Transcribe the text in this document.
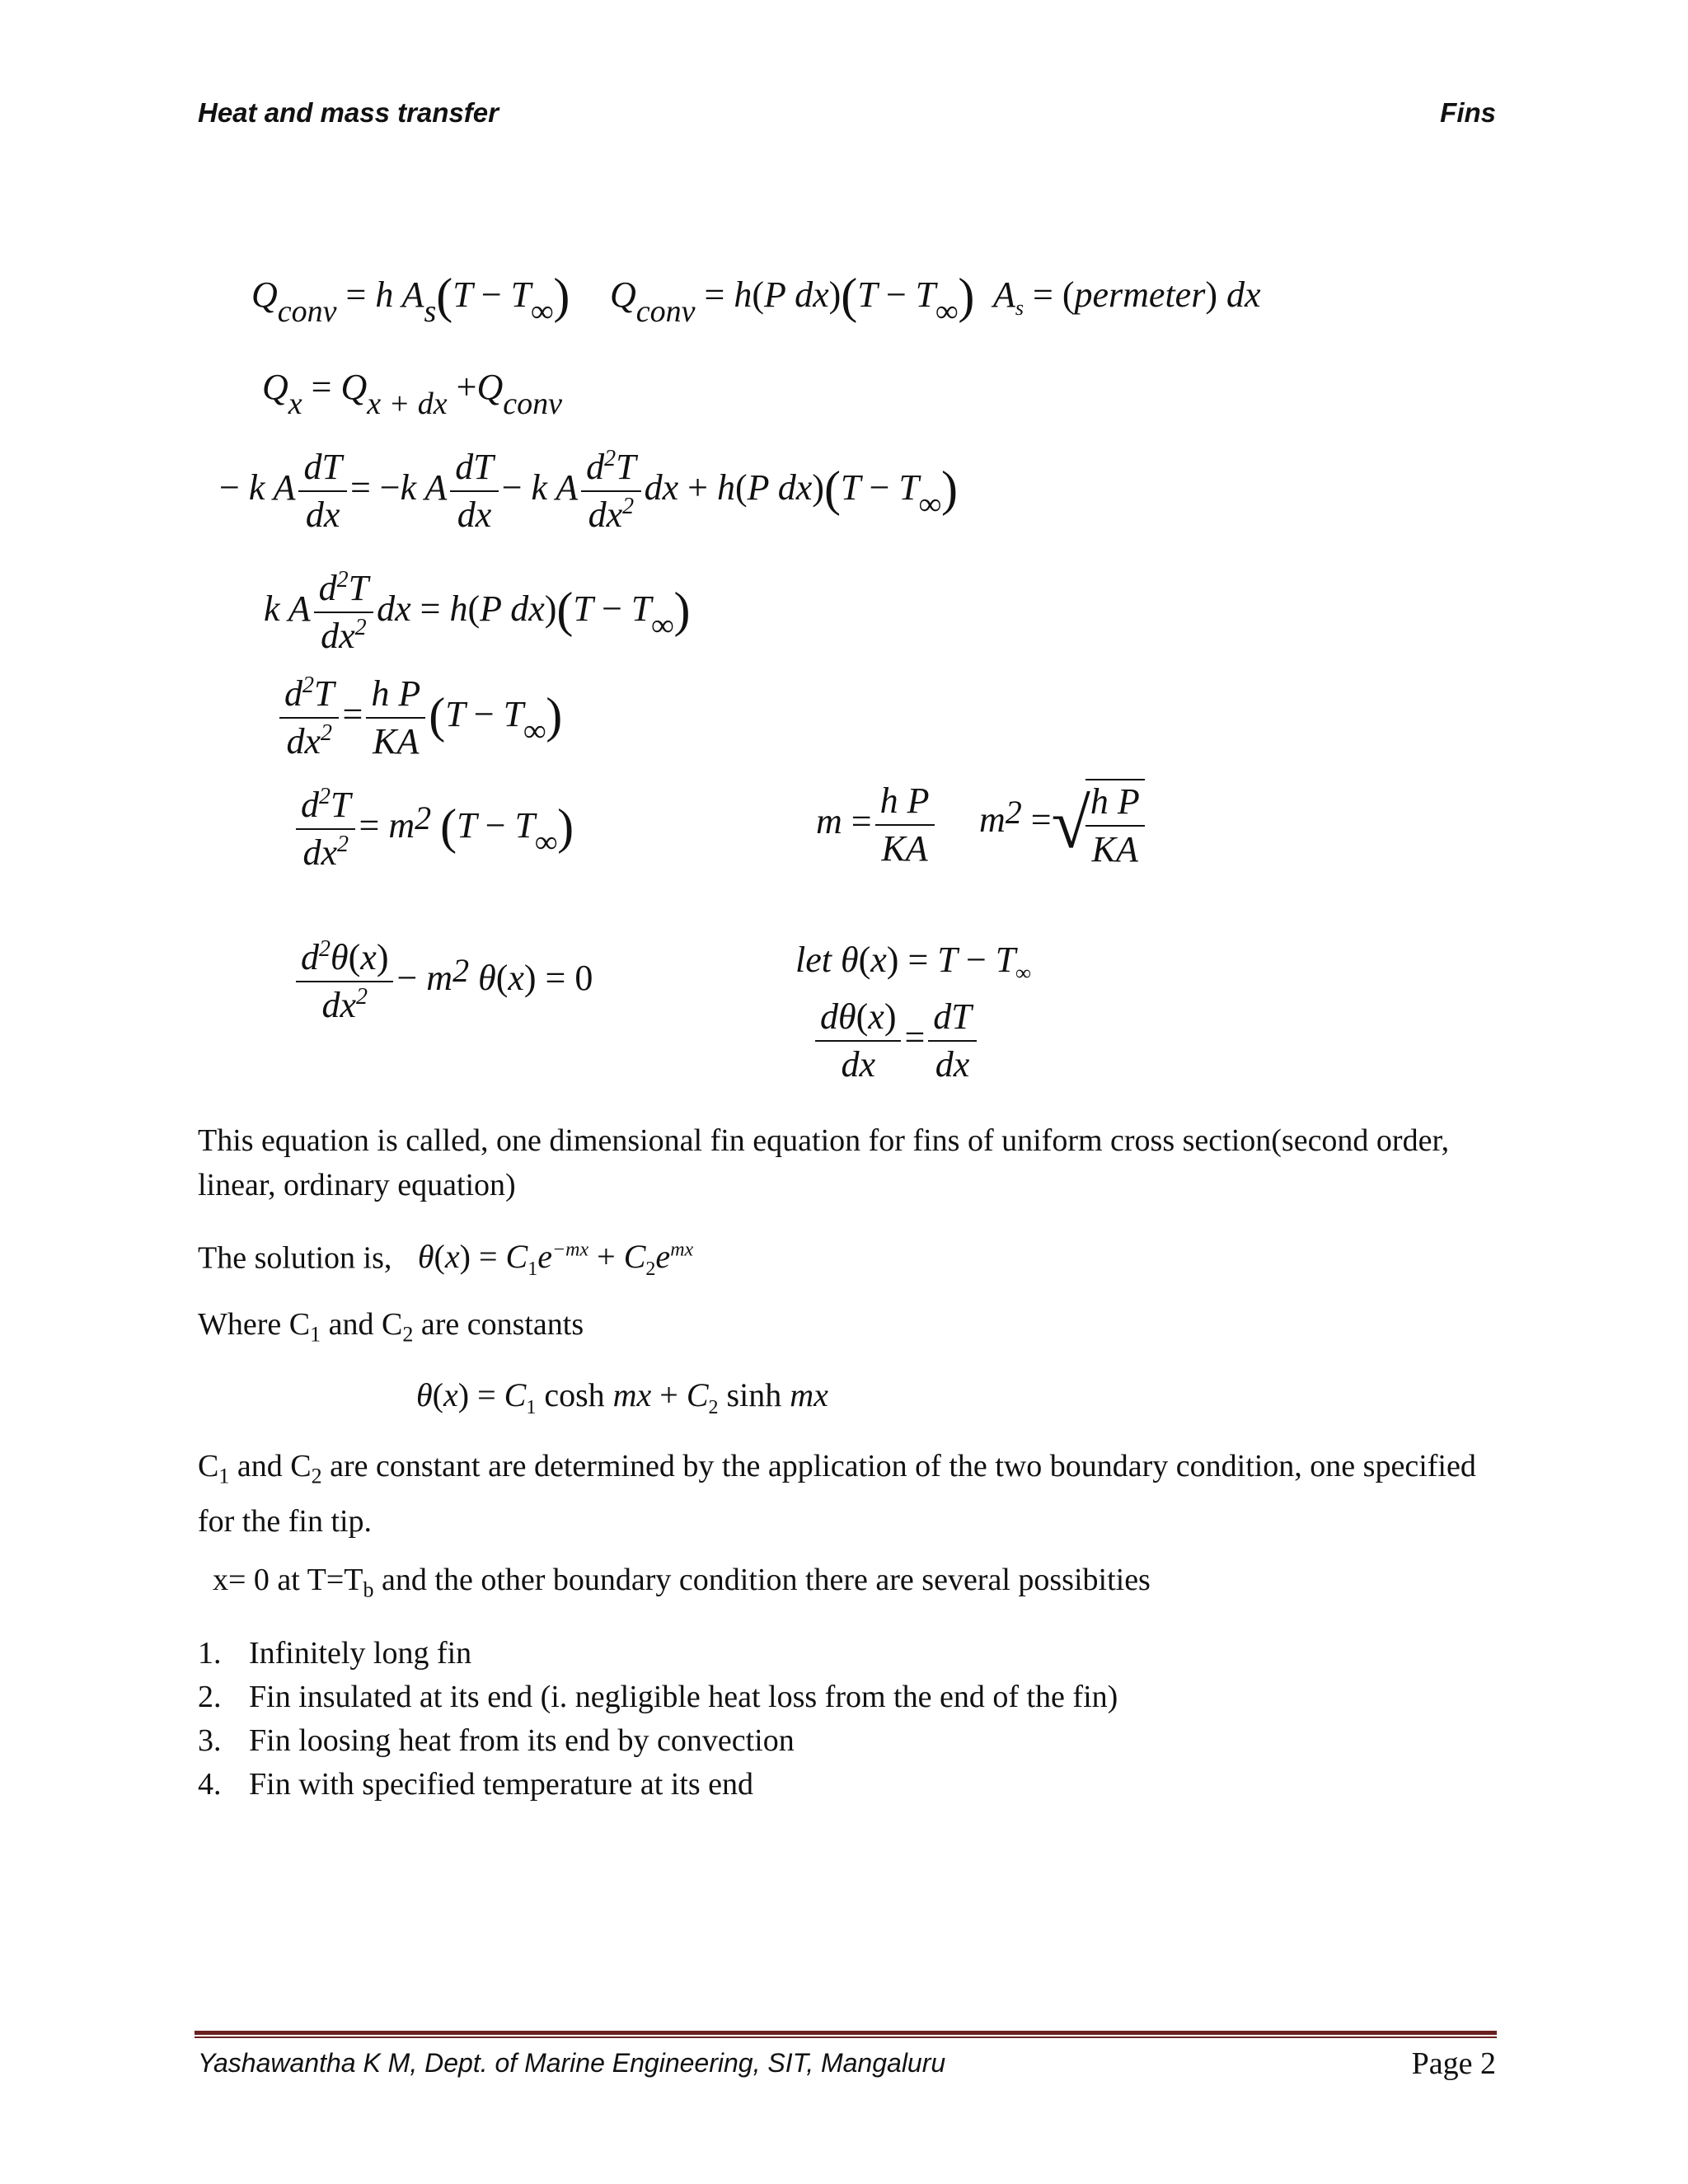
Heat and mass transfer	Fins
Qconv = h As(T − T∞) Qconv = h(P dx)(T − T∞) $A_s$ = (permeter) dx
Qx = Qx + dx +Qconv
− k A $\frac{dT}{dx} = -k$ A $\frac{dT}{dx} - k$ A $\frac{d^2T}{dx^2}$ dx + h(P dx)(T − T∞)
k A $\frac{d^2T}{dx^2}$ dx = h(P dx)(T − T∞)
$\frac{d^2T}{dx^2} = \frac{\text{h P}}{KA} (T - T\infty)$
$\frac{d^2T}{dx^2} = m2$ (T − T∞)	$m = \frac{\text{h P}}{KA} m2$ =√
$\frac{\text{h P}}{KA}$
$\frac{d^2\theta(x)}{dx^2} - m2$ θ(x) = 0	let $\theta(x) = T - T_\infty$
$\frac{d\theta(x)}{dx} = \frac{dT}{dx}$
This equation is called, one dimensional fin equation for fins of uniform cross section(second order, linear, ordinary equation)
The solution is, $\theta(x) = C_1e^{-mx} + C_2e^{mx}$
Where $C_1$ and $C_2$ are constants
$\theta(x) = C_1$ cosh mx + $C_2$ sinh mx
$C_1$ and $C_2$ are constant are determined by the application of the two boundary condition, one specified for the fin tip.
x= 0 at $T=T_b$ and the other boundary condition there are several possibities
1. Infinitely long fin
2. Fin insulated at its end (i. negligible heat loss from the end of the fin)
3. Fin loosing heat from its end by convection
4. Fin with specified temperature at its end
Yashawantha K M, Dept. of Marine Engineering, SIT, Mangaluru	Page 2
